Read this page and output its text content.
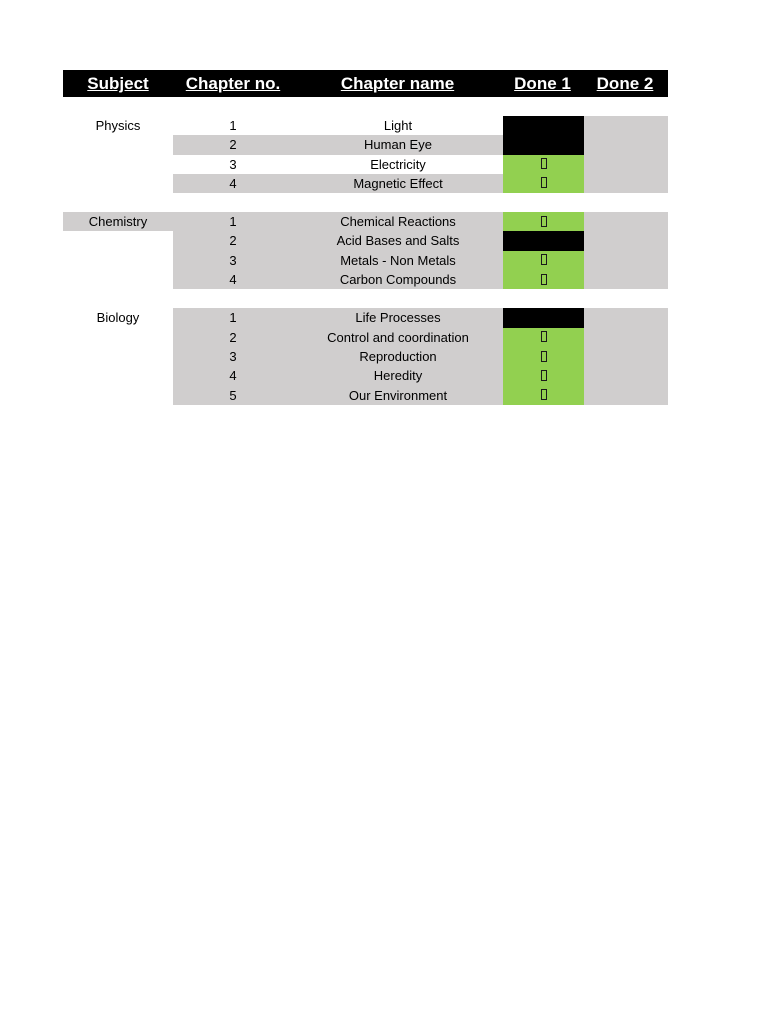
Subject	Chapter no.	Chapter name	Done 1	Done 2
Physics	1	Light
2	Human Eye
3	Electricity
4	Magnetic Effect
Chemistry	1	Chemical Reactions
2	Acid Bases and Salts
3	Metals - Non Metals
4	Carbon Compounds
Biology	1	Life Processes
2	Control and coordination
3	Reproduction
4	Heredity
5	Our Environment
